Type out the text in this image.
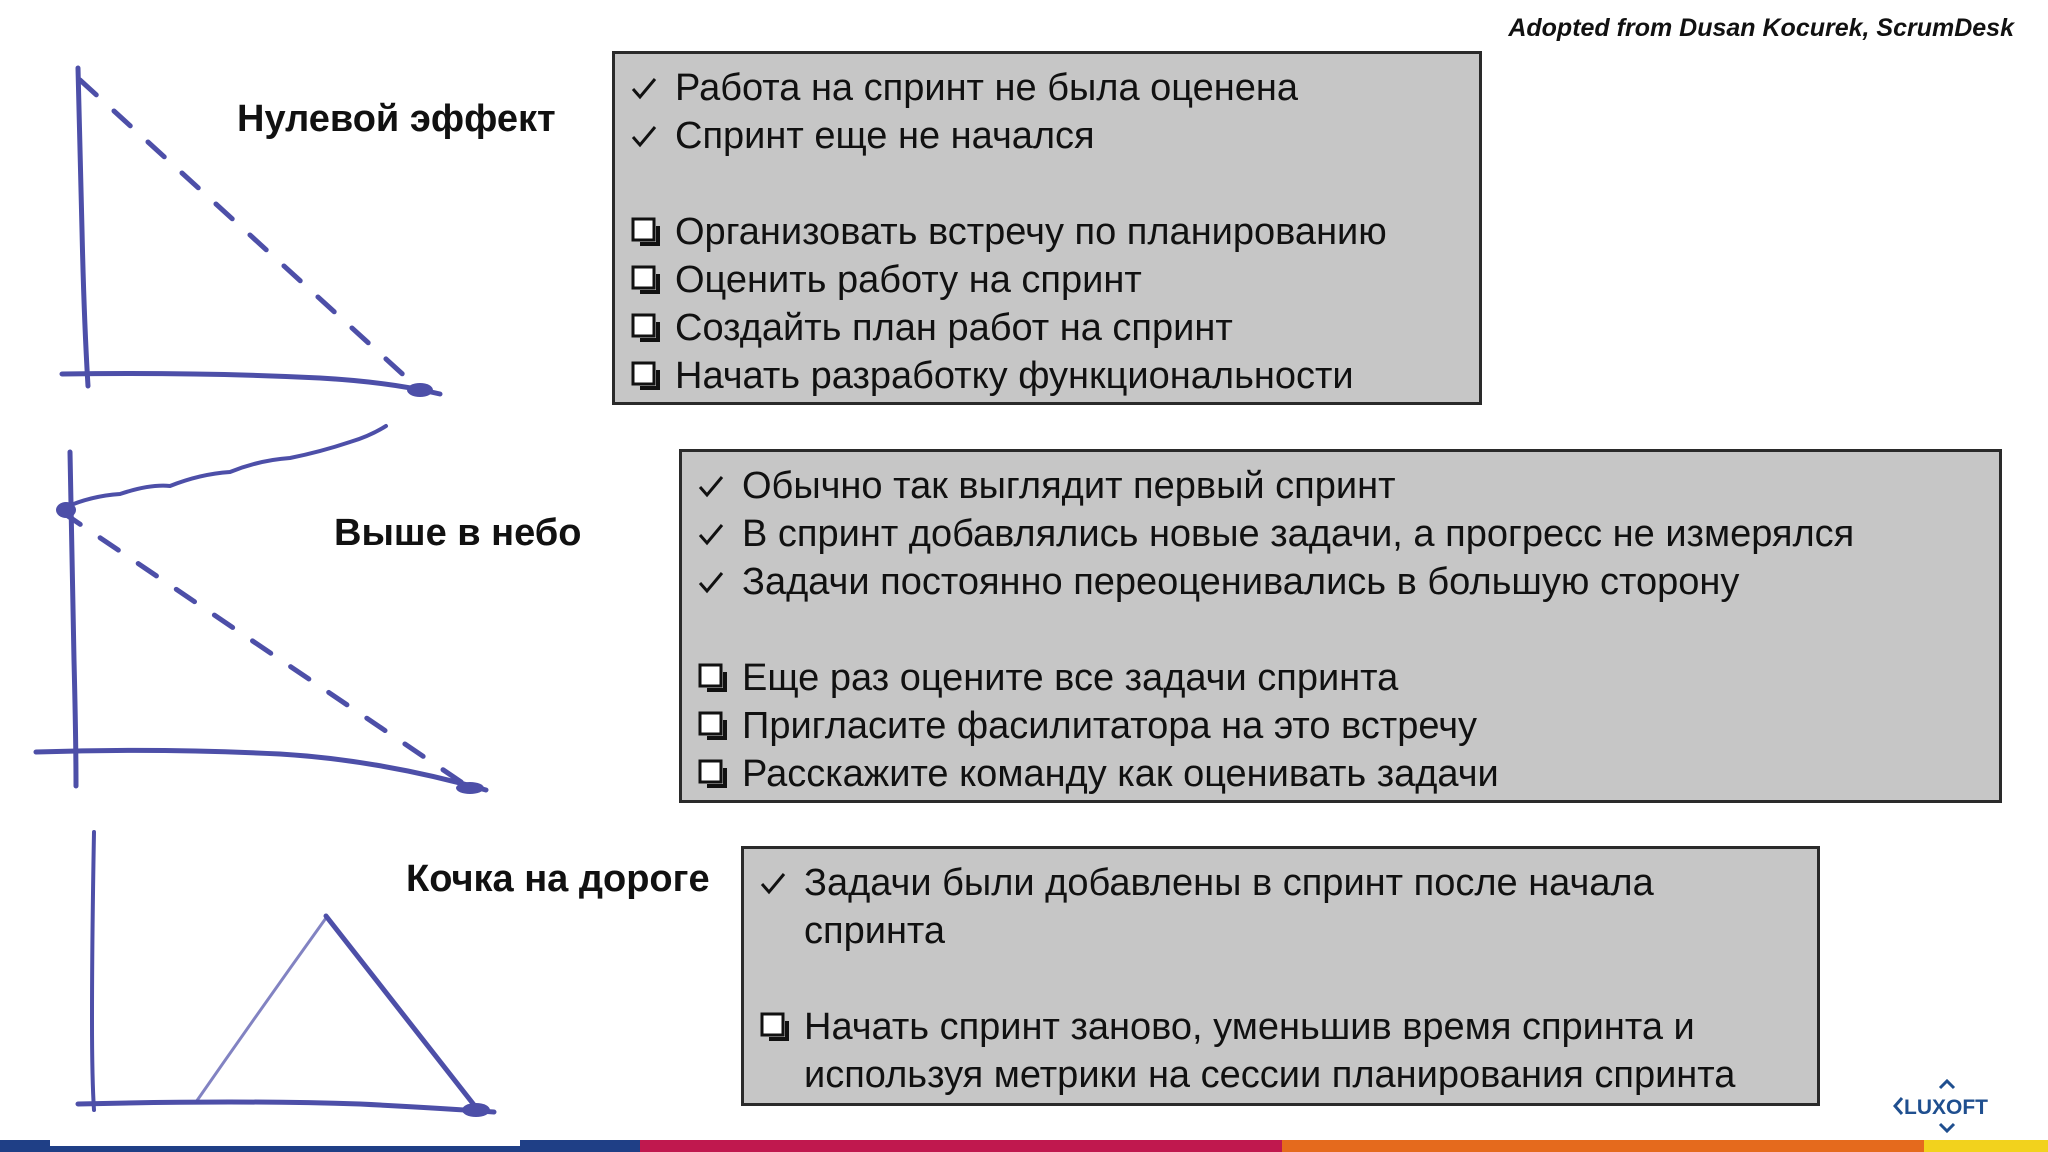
Adopted from Dusan Kocurek, ScrumDesk
Нулевой эффект
Выше в небо
Кочка на дороге
Работа на спринт не была оценена
Спринт еще не начался
Организовать встречу по планированию
Оценить работу на спринт
Создайть план работ на спринт
Начать разработку функциональности
Обычно так выглядит первый спринт
В спринт добавлялись новые задачи, а прогресс не измерялся
Задачи постоянно переоценивались в большую сторону
Еще раз оцените все задачи спринта
Пригласите фасилитатора на это встречу
Расскажите команду как оценивать задачи
Задачи были добавлены в спринт после начала спринта
Начать спринт заново, уменьшив время спринта и используя метрики на сессии планирования спринта
LUXOFT
